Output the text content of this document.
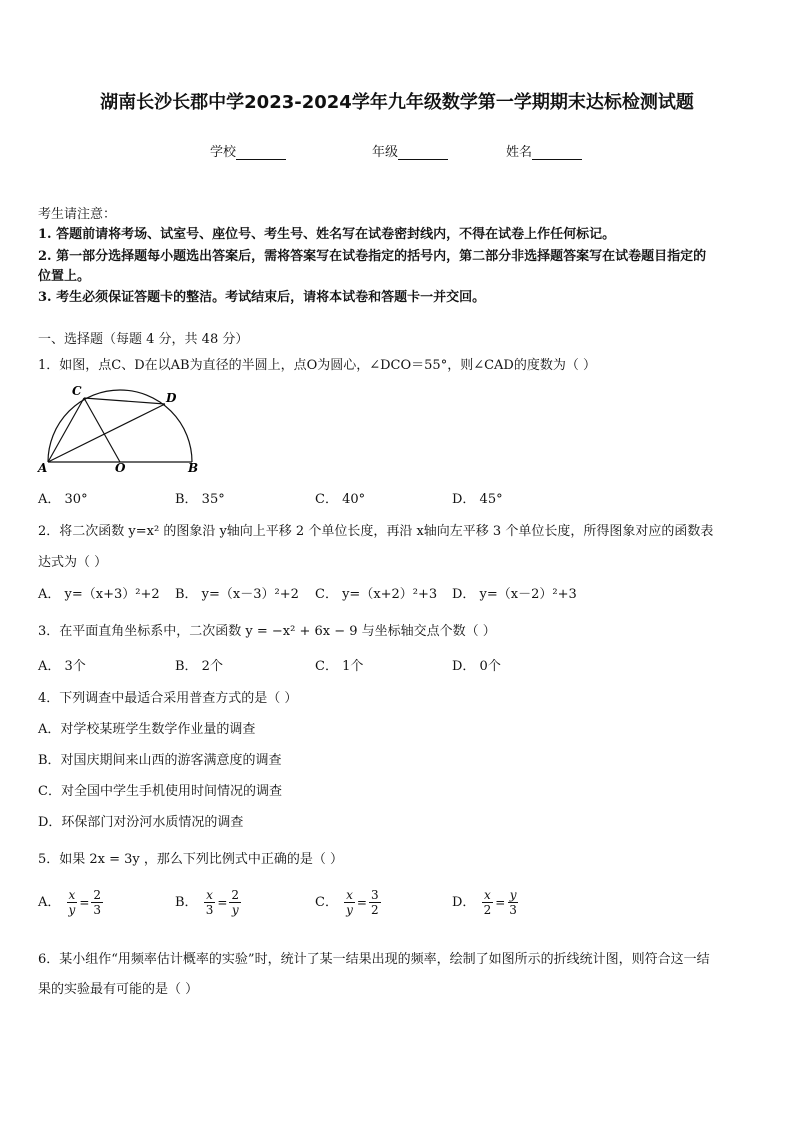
湖南长沙长郡中学2023-2024学年九年级数学第一学期期末达标检测试题
学校	年级	姓名
考生请注意：
1. 答题前请将考场、试室号、座位号、考生号、姓名写在试卷密封线内，不得在试卷上作任何标记。
2. 第一部分选择题每小题选出答案后，需将答案写在试卷指定的括号内，第二部分非选择题答案写在试卷题目指定的
位置上。
3. 考生必须保证答题卡的整洁。考试结束后，请将本试卷和答题卡一并交回。
一、选择题（每题 4 分，共 48 分）
1．如图，点C、D在以AB为直径的半圆上，点O为圆心，∠DCO＝55°，则∠CAD的度数为（ ）
C	D
A	O	B
A． 30°	B． 35°	C． 40°	D． 45°
2．将二次函数 y=x² 的图象沿 y轴向上平移 2 个单位长度，再沿 x轴向左平移 3 个单位长度，所得图象对应的函数表
达式为（ ）
A． y=（x+3）²+2 B． y=（x－3）²+2 C． y=（x+2）²+3 D． y=（x－2）²+3
3．在平面直角坐标系中，二次函数 y = −x² + 6x − 9 与坐标轴交点个数（ ）
A． 3个	B． 2个	C． 1个	D． 0个
4．下列调查中最适合采用普查方式的是（ ）
A．对学校某班学生数学作业量的调查
B．对国庆期间来山西的游客满意度的调查
C．对全国中学生手机使用时间情况的调查
D．环保部门对汾河水质情况的调查
5．如果 2x = 3y ，那么下列比例式中正确的是（ ）
A． $\frac{x}{y} = \frac{2}{3}$	B． $\frac{x}{3} = \frac{2}{y}$	C． $\frac{x}{y} = \frac{3}{2}$	D． $\frac{x}{2} = \frac{y}{3}$
6．某小组作“用频率估计概率的实验”时，统计了某一结果出现的频率，绘制了如图所示的折线统计图，则符合这一结
果的实验最有可能的是（ ）
